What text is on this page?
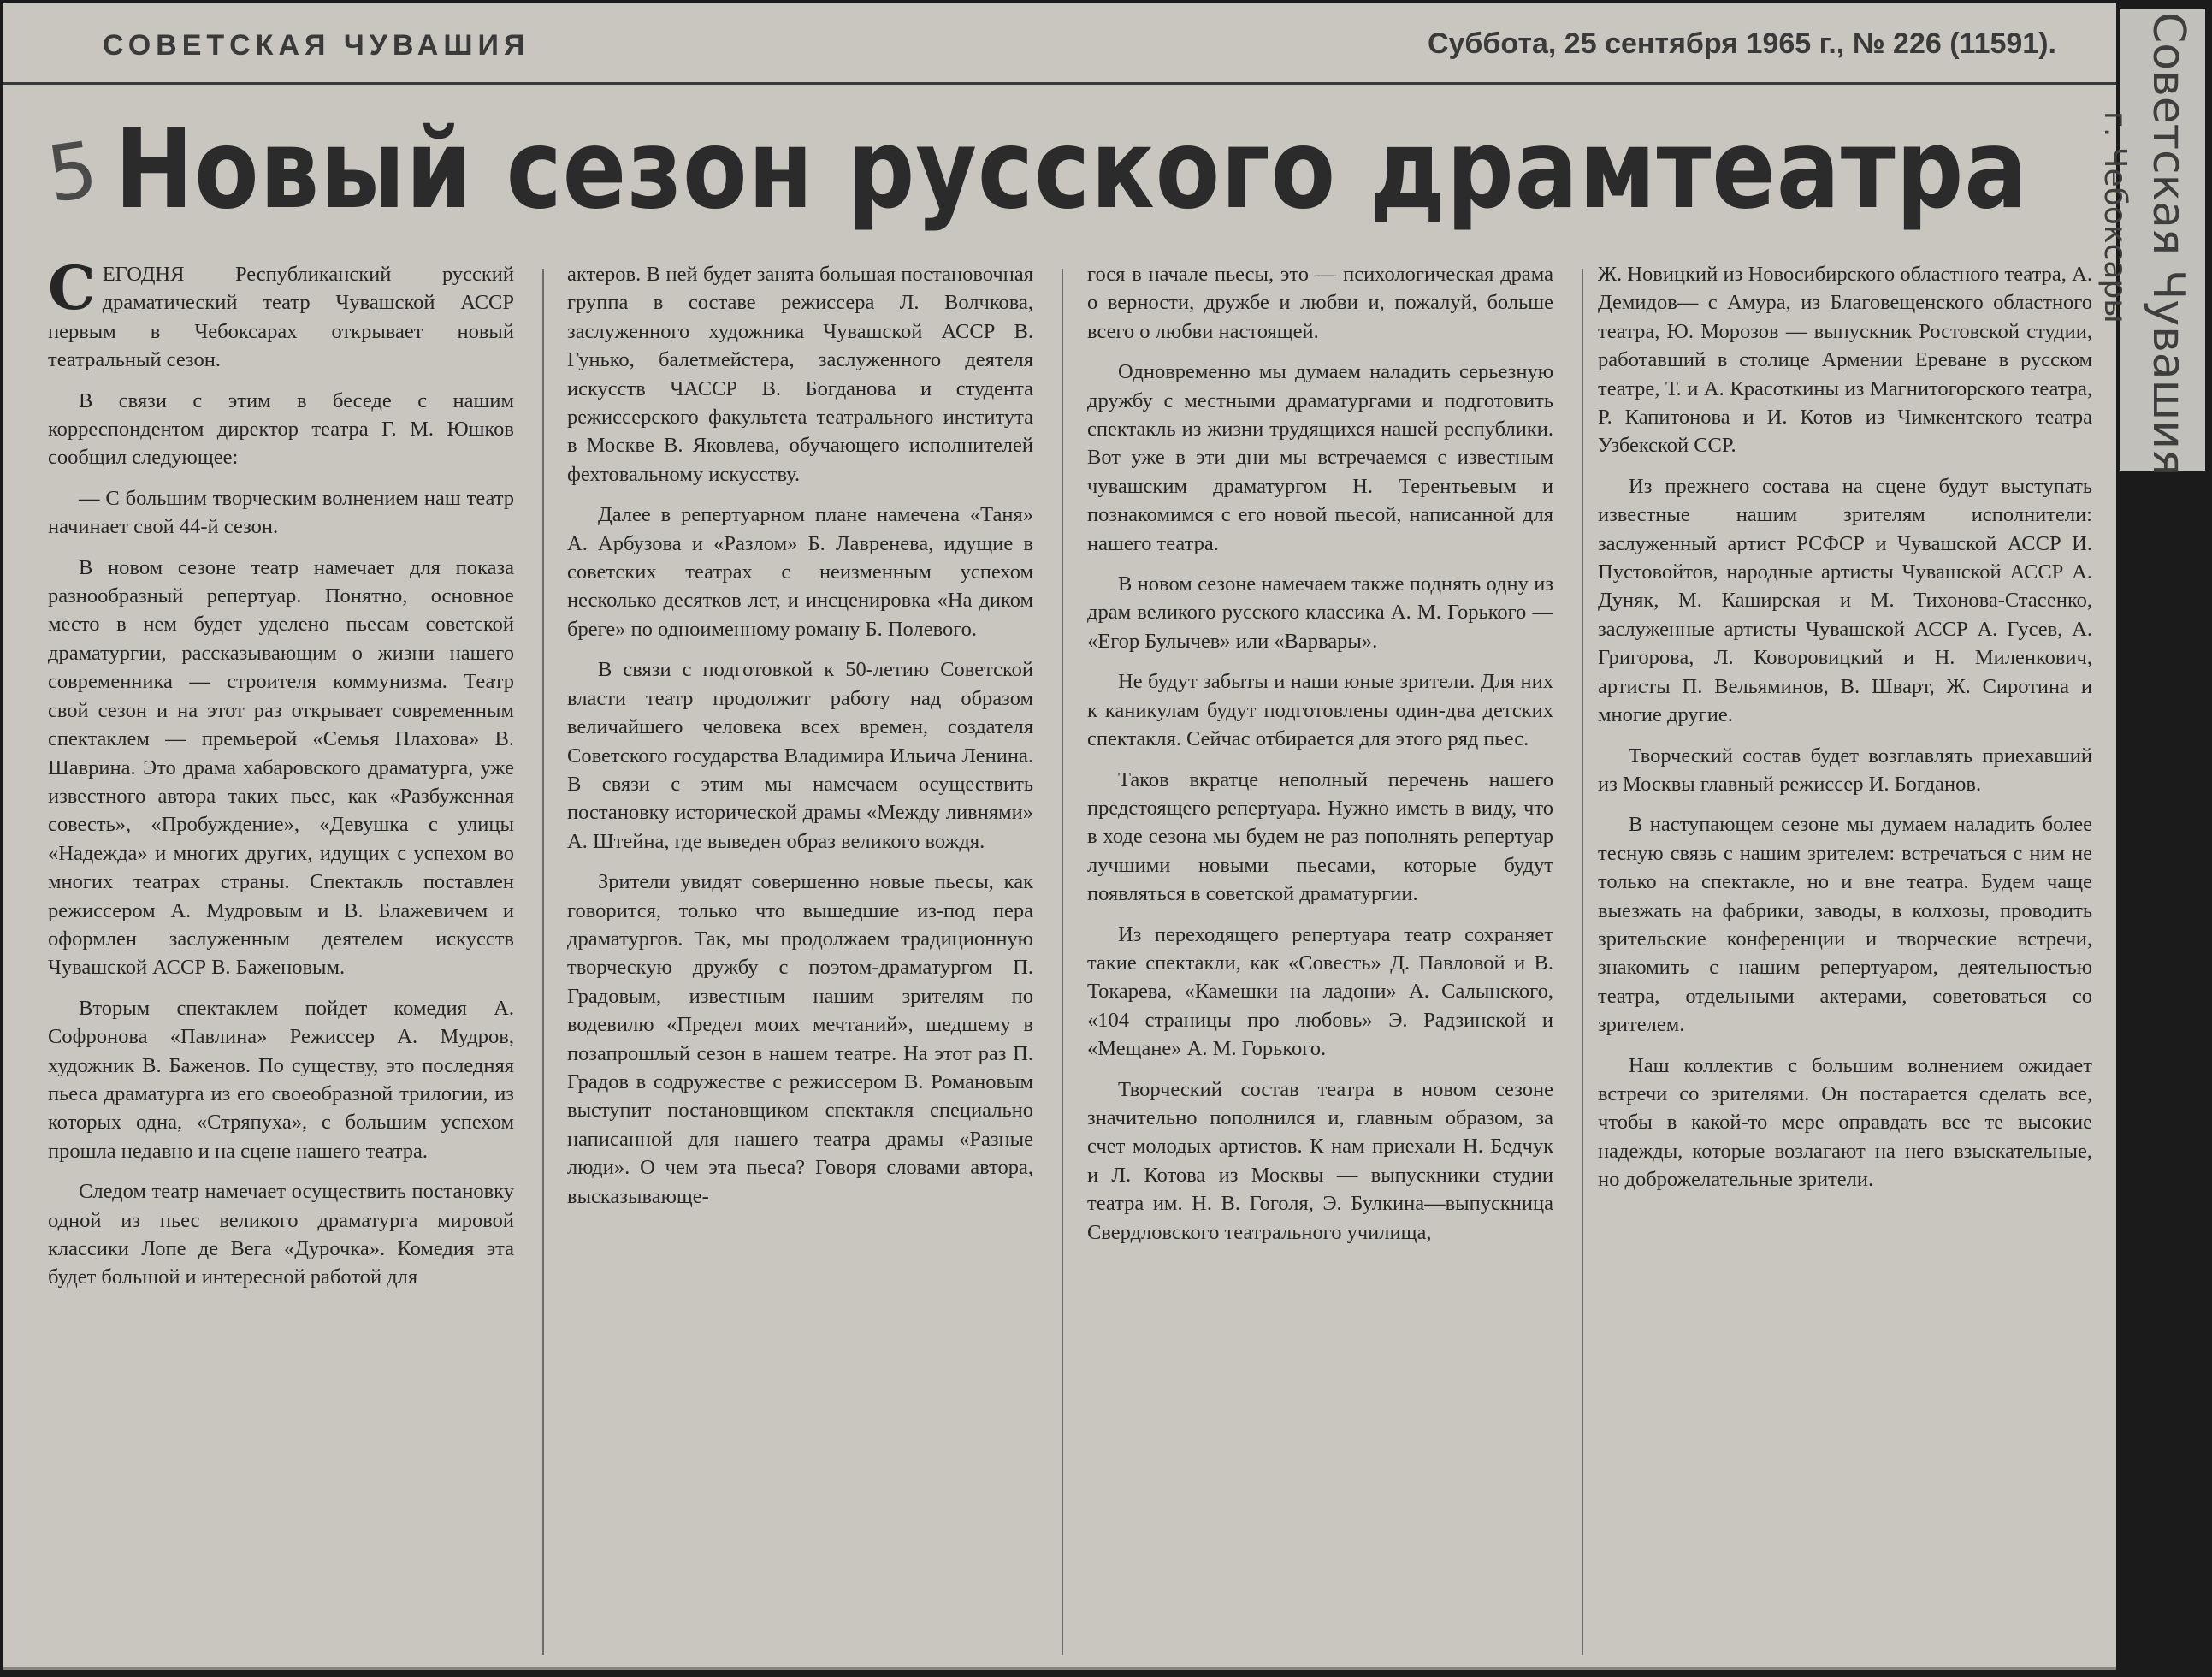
СОВЕТСКАЯ ЧУВАШИЯ	Суббота, 25 сентября 1965 г., № 226 (11591).
5 Новый сезон русского драмтеатра

СЕГОДНЯ Республиканский русский драматический театр Чувашской АССР первым в Чебоксарах открывает новый театральный сезон.

В связи с этим в беседе с нашим корреспондентом директор театра Г. М. Юшков сообщил следующее:

— С большим творческим волнением наш театр начинает свой 44-й сезон.

В новом сезоне театр намечает для показа разнообразный репертуар. Понятно, основное место в нем будет уделено пьесам советской драматургии, рассказывающим о жизни нашего современника — строителя коммунизма. Театр свой сезон и на этот раз открывает современным спектаклем — премьерой «Семья Плахова» В. Шаврина. Это драма хабаровского драматурга, уже известного автора таких пьес, как «Разбуженная совесть», «Пробуждение», «Девушка с улицы «Надежда» и многих других, идущих с успехом во многих театрах страны. Спектакль поставлен режиссером А. Мудровым и В. Блажевичем и оформлен заслуженным деятелем искусств Чувашской АССР В. Баженовым.

Вторым спектаклем пойдет комедия А. Софронова «Павлина» Режиссер А. Мудров, художник В. Баженов. По существу, это последняя пьеса драматурга из его своеобразной трилогии, из которых одна, «Стряпуха», с большим успехом прошла недавно и на сцене нашего театра.

Следом театр намечает осуществить постановку одной из пьес великого драматурга мировой классики Лопе де Вега «Дурочка». Комедия эта будет большой и интересной работой для

актеров. В ней будет занята большая постановочная группа в составе режиссера Л. Волчкова, заслуженного художника Чувашской АССР В. Гунько, балетмейстера, заслуженного деятеля искусств ЧАССР В. Богданова и студента режиссерского факультета театрального института в Москве В. Яковлева, обучающего исполнителей фехтовальному искусству.

Далее в репертуарном плане намечена «Таня» А. Арбузова и «Разлом» Б. Лавренева, идущие в советских театрах с неизменным успехом несколько десятков лет, и инсценировка «На диком бреге» по одноименному роману Б. Полевого.

В связи с подготовкой к 50-летию Советской власти театр продолжит работу над образом величайшего человека всех времен, создателя Советского государства Владимира Ильича Ленина. В связи с этим мы намечаем осуществить постановку исторической драмы «Между ливнями» А. Штейна, где выведен образ великого вождя.

Зрители увидят совершенно новые пьесы, как говорится, только что вышедшие из-под пера драматургов. Так, мы продолжаем традиционную творческую дружбу с поэтом-драматургом П. Градовым, известным нашим зрителям по водевилю «Предел моих мечтаний», шедшему в позапрошлый сезон в нашем театре. На этот раз П. Градов в содружестве с режиссером В. Романовым выступит постановщиком спектакля специально написанной для нашего театра драмы «Разные люди». О чем эта пьеса? Говоря словами автора, высказывающе-

гося в начале пьесы, это — психологическая драма о верности, дружбе и любви и, пожалуй, больше всего о любви настоящей.

Одновременно мы думаем наладить серьезную дружбу с местными драматургами и подготовить спектакль из жизни трудящихся нашей республики. Вот уже в эти дни мы встречаемся с известным чувашским драматургом Н. Терентьевым и познакомимся с его новой пьесой, написанной для нашего театра.

В новом сезоне намечаем также поднять одну из драм великого русского классика А. М. Горького — «Егор Булычев» или «Варвары».

Не будут забыты и наши юные зрители. Для них к каникулам будут подготовлены один-два детских спектакля. Сейчас отбирается для этого ряд пьес.

Таков вкратце неполный перечень нашего предстоящего репертуара. Нужно иметь в виду, что в ходе сезона мы будем не раз пополнять репертуар лучшими новыми пьесами, которые будут появляться в советской драматургии.

Из переходящего репертуара театр сохраняет такие спектакли, как «Совесть» Д. Павловой и В. Токарева, «Камешки на ладони» А. Салынского, «104 страницы про любовь» Э. Радзинской и «Мещане» А. М. Горького.

Творческий состав театра в новом сезоне значительно пополнился и, главным образом, за счет молодых артистов. К нам приехали Н. Бедчук и Л. Котова из Москвы — выпускники студии театра им. Н. В. Гоголя, Э. Булкина—выпускница Свердловского театрального училища,

Ж. Новицкий из Новосибирского областного театра, А. Демидов— с Амура, из Благовещенского областного театра, Ю. Морозов — выпускник Ростовской студии, работавший в столице Армении Ереване в русском театре, Т. и А. Красоткины из Магнитогорского театра, Р. Капитонова и И. Котов из Чимкентского театра Узбекской ССР.

Из прежнего состава на сцене будут выступать известные нашим зрителям исполнители: заслуженный артист РСФСР и Чувашской АССР И. Пустовойтов, народные артисты Чувашской АССР А. Дуняк, М. Каширская и М. Тихонова-Стасенко, заслуженные артисты Чувашской АССР А. Гусев, А. Григорова, Л. Коворовицкий и Н. Миленкович, артисты П. Вельяминов, В. Шварт, Ж. Сиротина и многие другие.

Творческий состав будет возглавлять приехавший из Москвы главный режиссер И. Богданов.

В наступающем сезоне мы думаем наладить более тесную связь с нашим зрителем: встречаться с ним не только на спектакле, но и вне театра. Будем чаще выезжать на фабрики, заводы, в колхозы, проводить зрительские конференции и творческие встречи, знакомить с нашим репертуаром, деятельностью театра, отдельными актерами, советоваться со зрителем.

Наш коллектив с большим волнением ожидает встречи со зрителями. Он постарается сделать все, чтобы в какой-то мере оправдать все те высокие надежды, которые возлагают на него взыскательные, но доброжелательные зрители.

Советская Чувашия
г. Чебоксары
